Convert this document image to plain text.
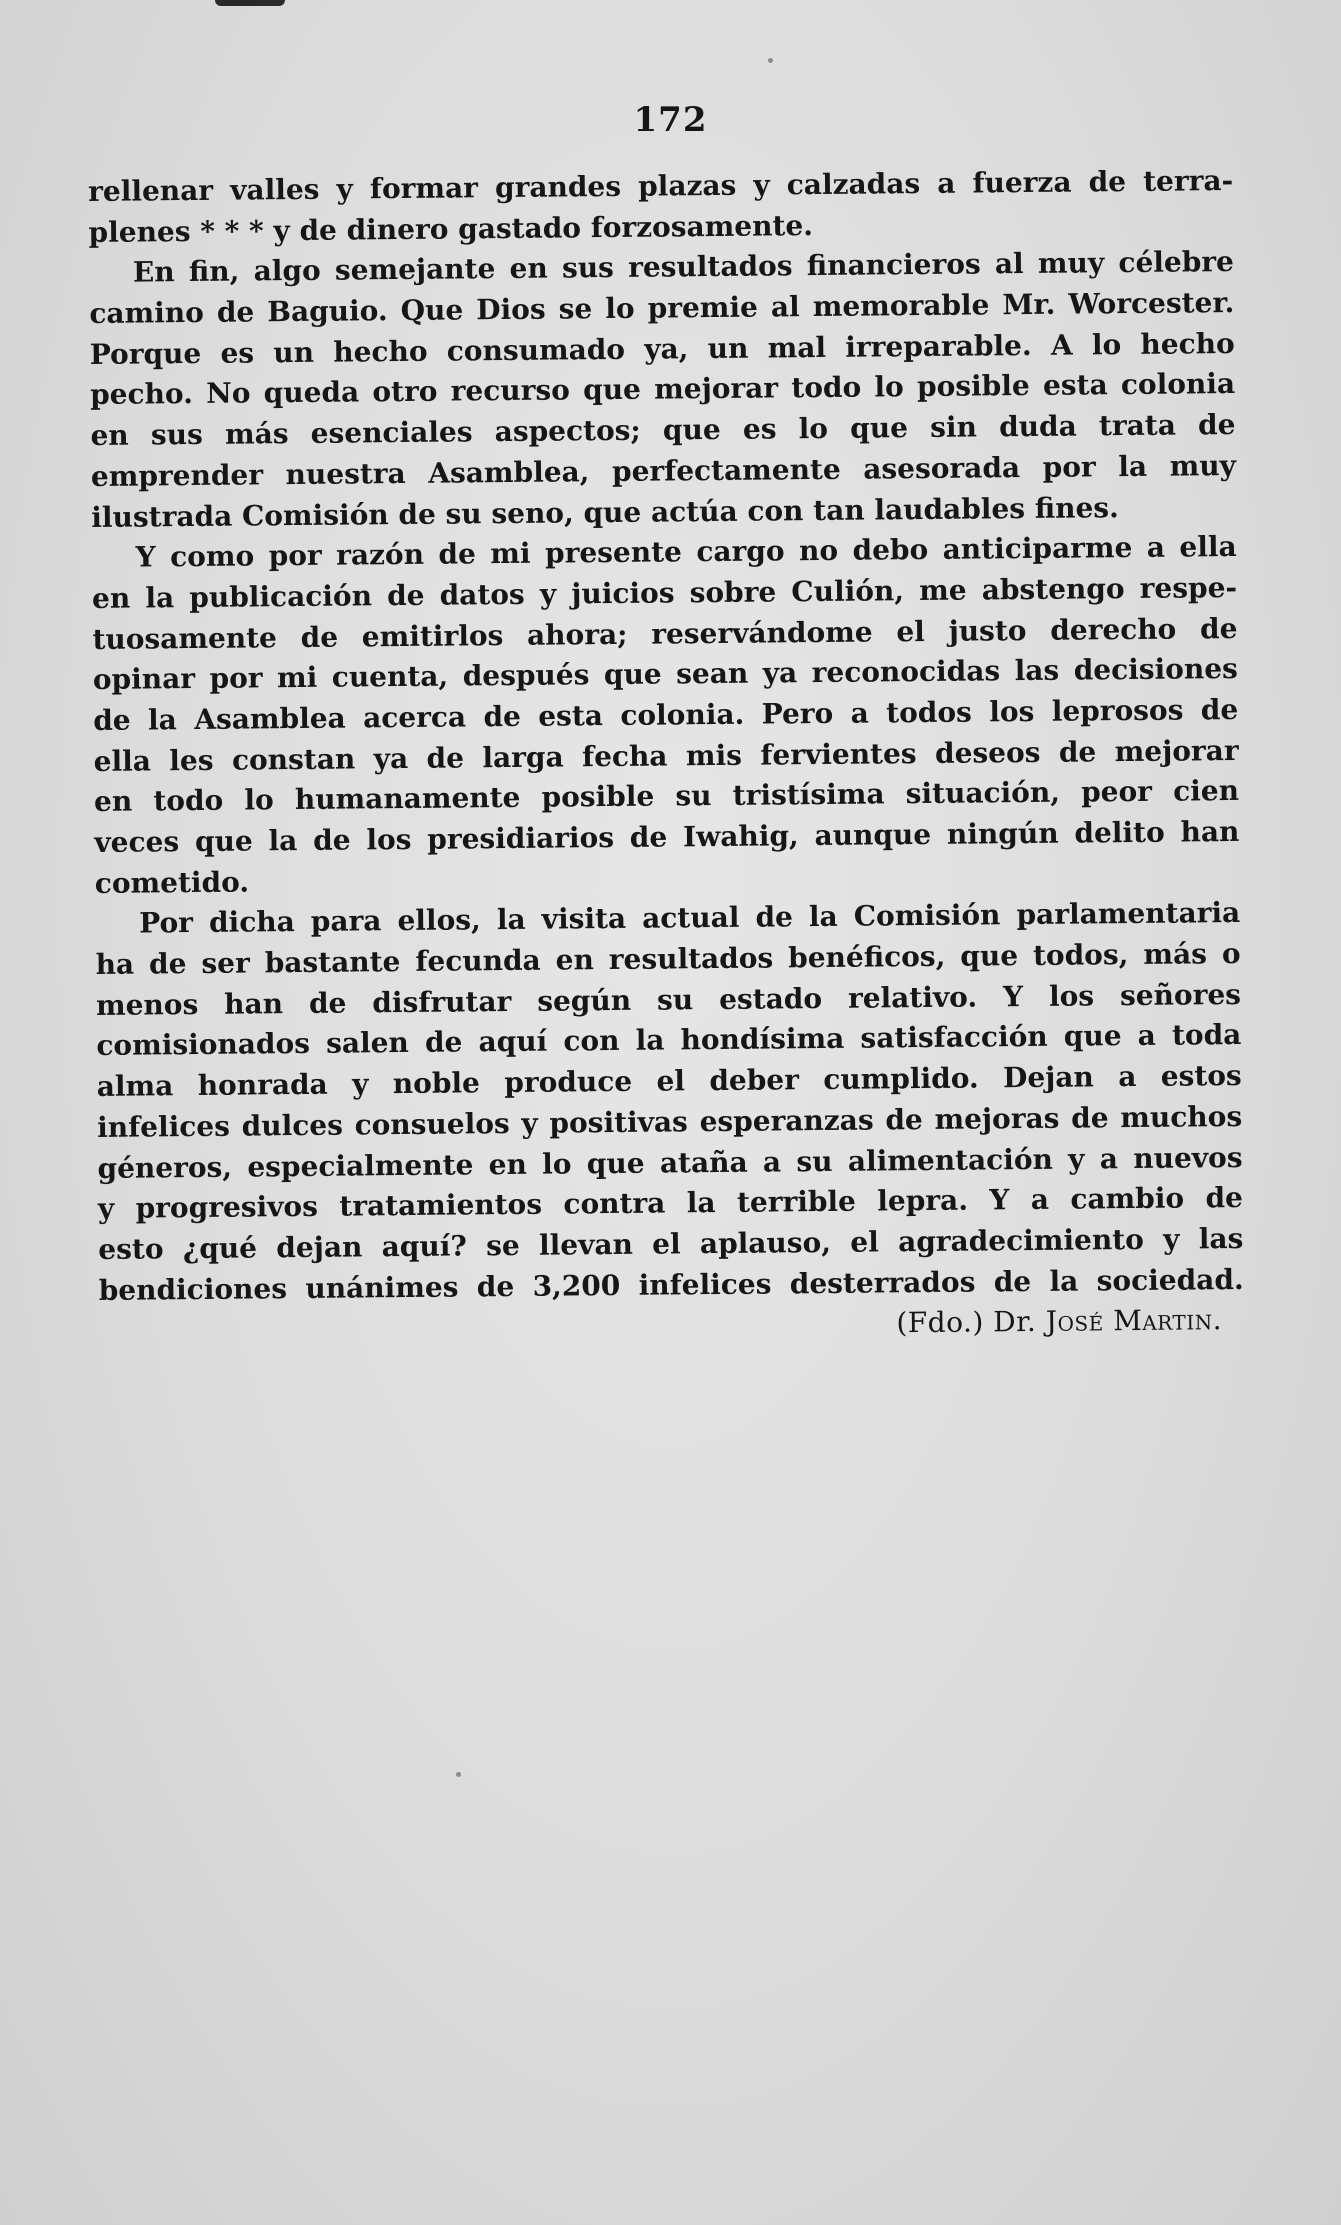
172
rellenar valles y formar grandes plazas y calzadas a fuerza de terra-
plenes * * * y de dinero gastado forzosamente.
En fin, algo semejante en sus resultados financieros al muy célebre
camino de Baguio. Que Dios se lo premie al memorable Mr. Worcester.
Porque es un hecho consumado ya, un mal irreparable. A lo hecho
pecho. No queda otro recurso que mejorar todo lo posible esta colonia
en sus más esenciales aspectos; que es lo que sin duda trata de
emprender nuestra Asamblea, perfectamente asesorada por la muy
ilustrada Comisión de su seno, que actúa con tan laudables fines.
Y como por razón de mi presente cargo no debo anticiparme a ella
en la publicación de datos y juicios sobre Culión, me abstengo respe-
tuosamente de emitirlos ahora; reservándome el justo derecho de
opinar por mi cuenta, después que sean ya reconocidas las decisiones
de la Asamblea acerca de esta colonia. Pero a todos los leprosos de
ella les constan ya de larga fecha mis fervientes deseos de mejorar
en todo lo humanamente posible su tristísima situación, peor cien
veces que la de los presidiarios de Iwahig, aunque ningún delito han
cometido.
Por dicha para ellos, la visita actual de la Comisión parlamentaria
ha de ser bastante fecunda en resultados benéficos, que todos, más o
menos han de disfrutar según su estado relativo. Y los señores
comisionados salen de aquí con la hondísima satisfacción que a toda
alma honrada y noble produce el deber cumplido. Dejan a estos
infelices dulces consuelos y positivas esperanzas de mejoras de muchos
géneros, especialmente en lo que ataña a su alimentación y a nuevos
y progresivos tratamientos contra la terrible lepra. Y a cambio de
esto ¿qué dejan aquí? se llevan el aplauso, el agradecimiento y las
bendiciones unánimes de 3,200 infelices desterrados de la sociedad.
(Fdo.) Dr. José Martin.
